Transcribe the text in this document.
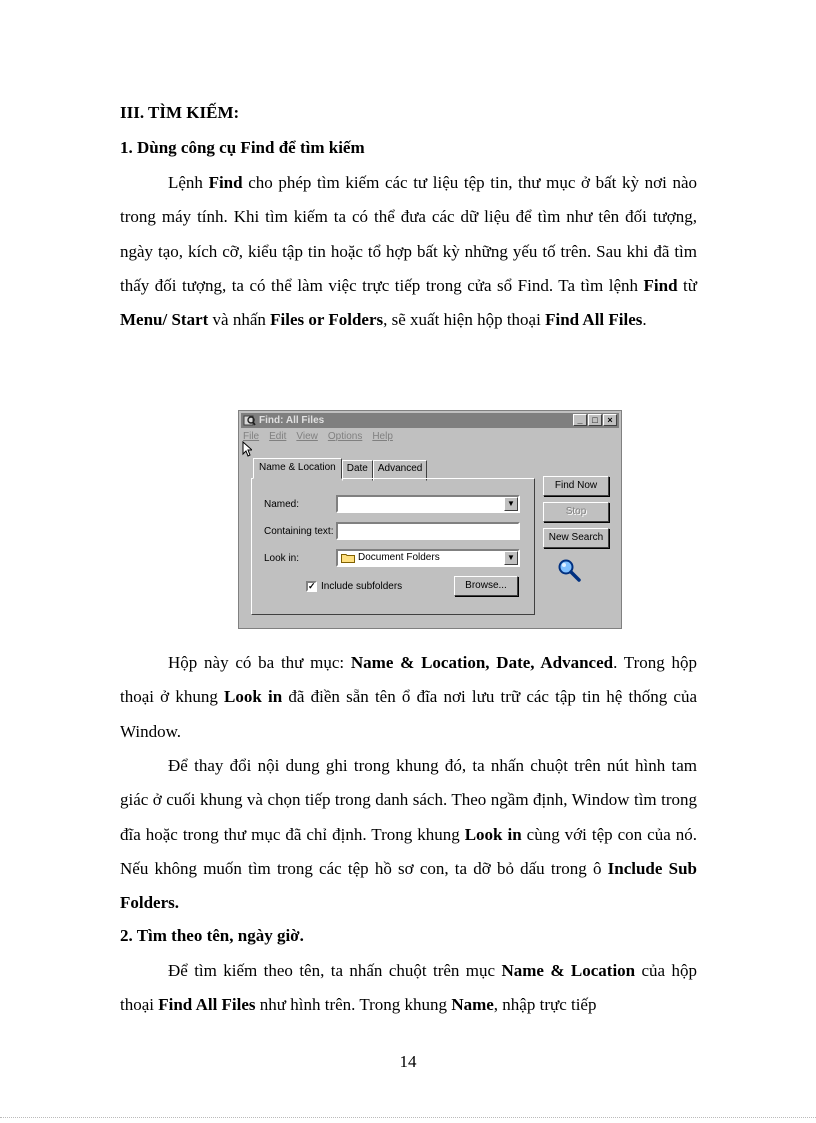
III. TÌM KIẾM:

1. Dùng công cụ Find để tìm kiếm

Lệnh Find cho phép tìm kiếm các tư liệu tệp tin, thư mục ở bất kỳ nơi nào trong máy tính. Khi tìm kiếm ta có thể đưa các dữ liệu để tìm như tên đối tượng, ngày tạo, kích cỡ, kiểu tập tin hoặc tổ hợp bất kỳ những yếu tố trên. Sau khi đã tìm thấy đối tượng, ta có thể làm việc trực tiếp trong cửa sổ Find. Ta tìm lệnh Find từ Menu/ Start và nhấn Files or Folders, sẽ xuất hiện hộp thoại Find All Files.

Find: All Files	_	□	×
File Edit View Options Help
Name & Location	Date	Advanced
Named:	▼
Containing text:
Look in:	Document Folders	▼
✓ Include subfolders	Browse...
Find Now
Stop
New Search

Hộp này có ba thư mục: Name & Location, Date, Advanced. Trong hộp thoại ở khung Look in đã điền sẵn tên ổ đĩa nơi lưu trữ các tập tin hệ thống của Window.

Để thay đổi nội dung ghi trong khung đó, ta nhấn chuột trên nút hình tam giác ở cuối khung và chọn tiếp trong danh sách. Theo ngầm định, Window tìm trong đĩa hoặc trong thư mục đã chỉ định. Trong khung Look in cùng với tệp con của nó. Nếu không muốn tìm trong các tệp hồ sơ con, ta dỡ bỏ dấu trong ô Include Sub Folders.

2. Tìm theo tên, ngày giờ.

Để tìm kiếm theo tên, ta nhấn chuột trên mục Name & Location của hộp thoại Find All Files như hình trên. Trong khung Name, nhập trực tiếp

14
